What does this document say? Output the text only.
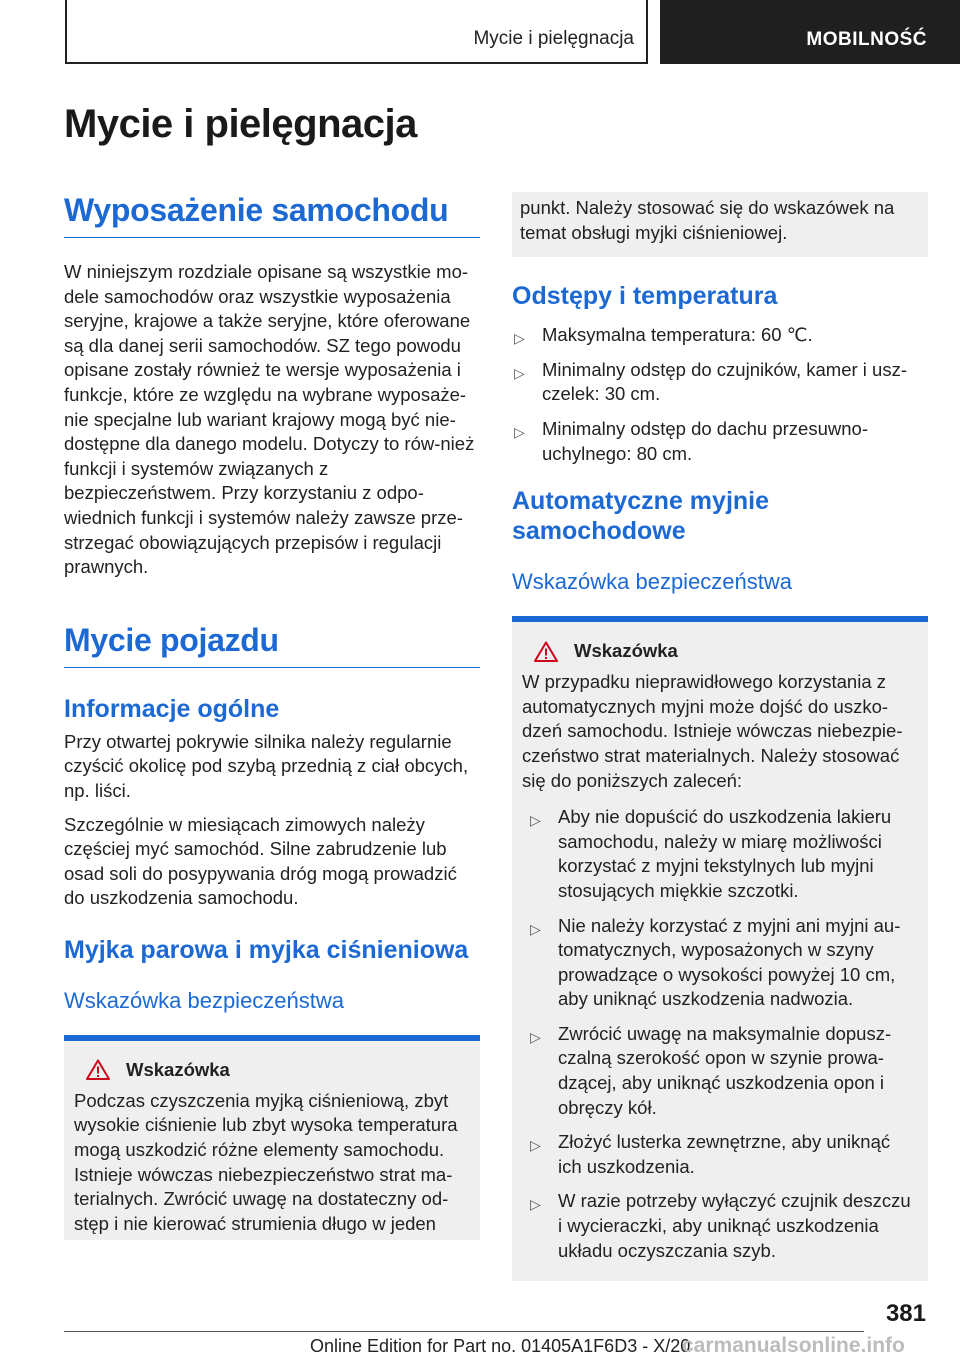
Mycie i pielęgnacja	MOBILNOŚĆ
Mycie i pielęgnacja
Wyposażenie samochodu

W niniejszym rozdziale opisane są wszystkie mo-dele samochodów oraz wszystkie wyposażenia seryjne, krajowe a także seryjne, które oferowane są dla danej serii samochodów. SZ tego powodu opisane zostały również te wersje wyposażenia i funkcje, które ze względu na wybrane wyposaże-nie specjalne lub wariant krajowy mogą być nie-dostępne dla danego modelu. Dotyczy to rów-nież funkcji i systemów związanych z bezpieczeństwem. Przy korzystaniu z odpo-wiednich funkcji i systemów należy zawsze prze-strzegać obowiązujących przepisów i regulacji prawnych.

Mycie pojazdu
Informacje ogólne

Przy otwartej pokrywie silnika należy regularnie czyścić okolicę pod szybą przednią z ciał obcych, np. liści.

Szczególnie w miesiącach zimowych należy częściej myć samochód. Silne zabrudzenie lub osad soli do posypywania dróg mogą prowadzić do uszkodzenia samochodu.

Myjka parowa i myjka ciśnieniowa
Wskazówka bezpieczeństwa
Wskazówka

Podczas czyszczenia myjką ciśnieniową, zbyt wysokie ciśnienie lub zbyt wysoka temperatura mogą uszkodzić różne elementy samochodu. Istnieje wówczas niebezpieczeństwo strat ma-terialnych. Zwrócić uwagę na dostateczny od-stęp i nie kierować strumienia długo w jeden

punkt. Należy stosować się do wskazówek na temat obsługi myjki ciśnieniowej.

Odstępy i temperatura
▷ Maksymalna temperatura: 60 ℃.
▷ Minimalny odstęp do czujników, kamer i usz-czelek: 30 cm.
▷ Minimalny odstęp do dachu przesuwno-uchylnego: 80 cm.
Automatyczne myjnie samochodowe
Wskazówka bezpieczeństwa
Wskazówka

W przypadku nieprawidłowego korzystania z automatycznych myjni może dojść do uszko-dzeń samochodu. Istnieje wówczas niebezpie-czeństwo strat materialnych. Należy stosować się do poniższych zaleceń:

▷ Aby nie dopuścić do uszkodzenia lakieru samochodu, należy w miarę możliwości korzystać z myjni tekstylnych lub myjni stosujących miękkie szczotki.
▷ Nie należy korzystać z myjni ani myjni au-tomatycznych, wyposażonych w szyny prowadzące o wysokości powyżej 10 cm, aby uniknąć uszkodzenia nadwozia.
▷ Zwrócić uwagę na maksymalnie dopusz-czalną szerokość opon w szynie prowa-dzącej, aby uniknąć uszkodzenia opon i obręczy kół.
▷ Złożyć lusterka zewnętrzne, aby uniknąć ich uszkodzenia.
▷ W razie potrzeby wyłączyć czujnik deszczu i wycieraczki, aby uniknąć uszkodzenia układu oczyszczania szyb.
381
Online Edition for Part no. 01405A1F6D3 - X/20
carmanualsonline.info
